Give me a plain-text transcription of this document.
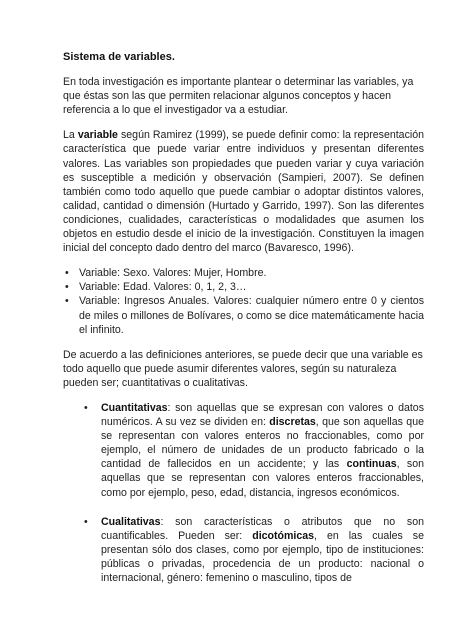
Sistema de variables.

En toda investigación es importante plantear o determinar las variables, ya que éstas son las que permiten relacionar algunos conceptos y hacen referencia a lo que el investigador va a estudiar.

La variable según Ramirez (1999), se puede definir como: la representación característica que puede variar entre individuos y presentan diferentes valores. Las variables son propiedades que pueden variar y cuya variación es susceptible a medición y observación (Sampieri, 2007). Se definen también como todo aquello que puede cambiar o adoptar distintos valores, calidad, cantidad o dimensión (Hurtado y Garrido, 1997). Son las diferentes condiciones, cualidades, características o modalidades que asumen los objetos en estudio desde el inicio de la investigación. Constituyen la imagen inicial del concepto dado dentro del marco (Bavaresco, 1996).

• Variable: Sexo. Valores: Mujer, Hombre.
• Variable: Edad. Valores: 0, 1, 2, 3…
• Variable: Ingresos Anuales. Valores: cualquier número entre 0 y cientos de miles o millones de Bolívares, o como se dice matemáticamente hacia el infinito.

De acuerdo a las definiciones anteriores, se puede decir que una variable es todo aquello que puede asumir diferentes valores, según su naturaleza pueden ser; cuantitativas o cualitativas.

• Cuantitativas: son aquellas que se expresan con valores o datos numéricos. A su vez se dividen en: discretas, que son aquellas que se representan con valores enteros no fraccionables, como por ejemplo, el número de unidades de un producto fabricado o la cantidad de fallecidos en un accidente; y las continuas, son aquellas que se representan con valores enteros fraccionables, como por ejemplo, peso, edad, distancia, ingresos económicos.
• Cualitativas: son características o atributos que no son cuantificables. Pueden ser: dicotómicas, en las cuales se presentan sólo dos clases, como por ejemplo, tipo de instituciones: públicas o privadas, procedencia de un producto: nacional o internacional, género: femenino o masculino, tipos de
